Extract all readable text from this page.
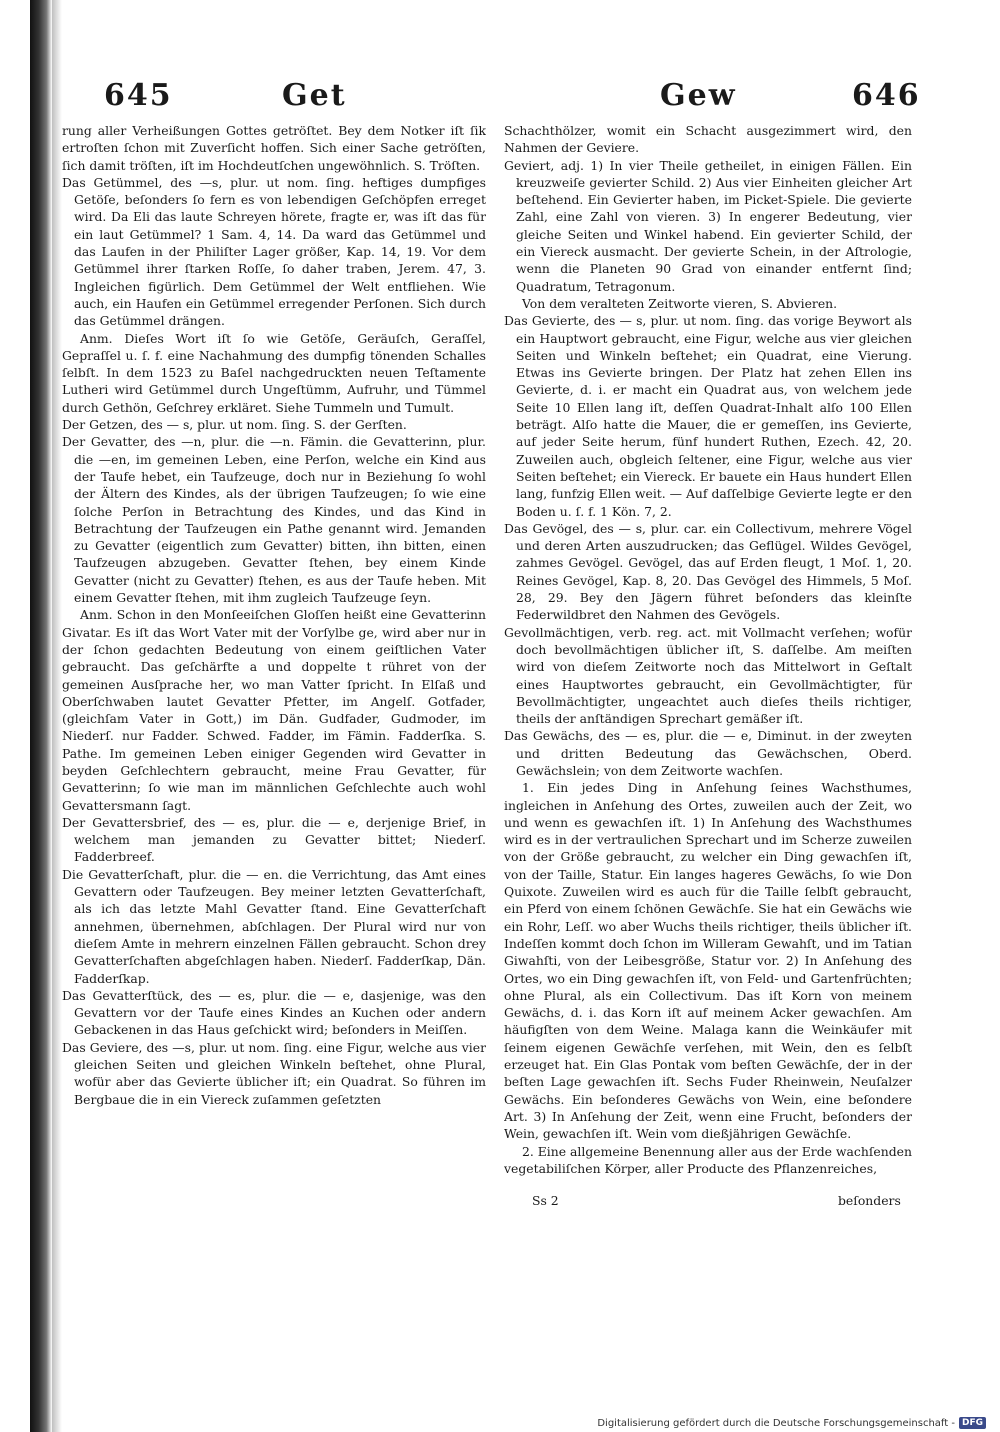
645	Get	Gew	646

rung aller Verheißungen Gottes getröſtet. Bey dem Notker iſt ſik ertroſten ſchon mit Zuverſicht hoffen. Sich einer Sache getröſten, ſich damit tröſten, iſt im Hochdeutſchen ungewöhnlich. S. Tröſten.

Das Getümmel, des —s, plur. ut nom. ſing. heftiges dumpfiges Getöſe, beſonders ſo fern es von lebendigen Geſchöpfen erreget wird. Da Eli das laute Schreyen hörete, fragte er, was iſt das für ein laut Getümmel? 1 Sam. 4, 14. Da ward das Getümmel und das Laufen in der Philiſter Lager größer, Kap. 14, 19. Vor dem Getümmel ihrer ſtarken Roſſe, ſo daher traben, Jerem. 47, 3. Ingleichen figürlich. Dem Getümmel der Welt entfliehen. Wie auch, ein Haufen ein Getümmel erregender Perſonen. Sich durch das Getümmel drängen.

Anm. Dieſes Wort iſt ſo wie Getöſe, Geräuſch, Geraſſel, Gepraſſel u. ſ. f. eine Nachahmung des dumpfig tönenden Schalles ſelbſt. In dem 1523 zu Baſel nachgedruckten neuen Teſtamente Lutheri wird Getümmel durch Ungeſtümm, Aufruhr, und Tümmel durch Gethön, Geſchrey erkläret. Siehe Tummeln und Tumult.

Der Getzen, des — s, plur. ut nom. ſing. S. der Gerſten.

Der Gevatter, des —n, plur. die —n. Fämin. die Gevatterinn, plur. die —en, im gemeinen Leben, eine Perſon, welche ein Kind aus der Taufe hebet, ein Taufzeuge, doch nur in Beziehung ſo wohl der Ältern des Kindes, als der übrigen Taufzeugen; ſo wie eine ſolche Perſon in Betrachtung des Kindes, und das Kind in Betrachtung der Taufzeugen ein Pathe genannt wird. Jemanden zu Gevatter (eigentlich zum Gevatter) bitten, ihn bitten, einen Taufzeugen abzugeben. Gevatter ſtehen, bey einem Kinde Gevatter (nicht zu Gevatter) ſtehen, es aus der Taufe heben. Mit einem Gevatter ſtehen, mit ihm zugleich Taufzeuge ſeyn.

Anm. Schon in den Monſeeiſchen Gloſſen heißt eine Gevatterinn Givatar. Es iſt das Wort Vater mit der Vorſylbe ge, wird aber nur in der ſchon gedachten Bedeutung von einem geiſtlichen Vater gebraucht. Das geſchärfte a und doppelte t rühret von der gemeinen Ausſprache her, wo man Vatter ſpricht. In Elſaß und Oberſchwaben lautet Gevatter Pfetter, im Angelſ. Gotfader, (gleichſam Vater in Gott,) im Dän. Gudfader, Gudmoder, im Niederſ. nur Fadder. Schwed. Fadder, im Fämin. Fadderſka. S. Pathe. Im gemeinen Leben einiger Gegenden wird Gevatter in beyden Geſchlechtern gebraucht, meine Frau Gevatter, für Gevatterinn; ſo wie man im männlichen Geſchlechte auch wohl Gevattersmann ſagt.

Der Gevattersbrief, des — es, plur. die — e, derjenige Brief, in welchem man jemanden zu Gevatter bittet; Niederſ. Fadderbreef.

Die Gevatterſchaft, plur. die — en. die Verrichtung, das Amt eines Gevattern oder Taufzeugen. Bey meiner letzten Gevatterſchaft, als ich das letzte Mahl Gevatter ſtand. Eine Gevatterſchaft annehmen, übernehmen, abſchlagen. Der Plural wird nur von dieſem Amte in mehrern einzelnen Fällen gebraucht. Schon drey Gevatterſchaften abgeſchlagen haben. Niederſ. Fadderſkap, Dän. Fadderſkap.

Das Gevatterſtück, des — es, plur. die — e, dasjenige, was den Gevattern vor der Taufe eines Kindes an Kuchen oder andern Gebackenen in das Haus geſchickt wird; beſonders in Meiſſen.

Das Geviere, des —s, plur. ut nom. ſing. eine Figur, welche aus vier gleichen Seiten und gleichen Winkeln beſtehet, ohne Plural, wofür aber das Gevierte üblicher iſt; ein Quadrat. So führen im Bergbaue die in ein Viereck zuſammen geſetzten

Schachthölzer, womit ein Schacht ausgezimmert wird, den Nahmen der Geviere.

Geviert, adj. 1) In vier Theile getheilet, in einigen Fällen. Ein kreuzweiſe gevierter Schild. 2) Aus vier Einheiten gleicher Art beſtehend. Ein Gevierter haben, im Picket-Spiele. Die gevierte Zahl, eine Zahl von vieren. 3) In engerer Bedeutung, vier gleiche Seiten und Winkel habend. Ein gevierter Schild, der ein Viereck ausmacht. Der gevierte Schein, in der Aſtrologie, wenn die Planeten 90 Grad von einander entfernt ſind; Quadratum, Tetragonum.

Von dem veralteten Zeitworte vieren, S. Abvieren.

Das Gevierte, des — s, plur. ut nom. ſing. das vorige Beywort als ein Hauptwort gebraucht, eine Figur, welche aus vier gleichen Seiten und Winkeln beſtehet; ein Quadrat, eine Vierung. Etwas ins Gevierte bringen. Der Platz hat zehen Ellen ins Gevierte, d. i. er macht ein Quadrat aus, von welchem jede Seite 10 Ellen lang iſt, deſſen Quadrat-Inhalt alſo 100 Ellen beträgt. Alſo hatte die Mauer, die er gemeſſen, ins Gevierte, auf jeder Seite herum, fünf hundert Ruthen, Ezech. 42, 20. Zuweilen auch, obgleich ſeltener, eine Figur, welche aus vier Seiten beſtehet; ein Viereck. Er bauete ein Haus hundert Ellen lang, funfzig Ellen weit. — Auf daſſelbige Gevierte legte er den Boden u. ſ. f. 1 Kön. 7, 2.

Das Gevögel, des — s, plur. car. ein Collectivum, mehrere Vögel und deren Arten auszudrucken; das Geflügel. Wildes Gevögel, zahmes Gevögel. Gevögel, das auf Erden fleugt, 1 Moſ. 1, 20. Reines Gevögel, Kap. 8, 20. Das Gevögel des Himmels, 5 Moſ. 28, 29. Bey den Jägern führet beſonders das kleinſte Federwildbret den Nahmen des Gevögels.

Gevollmächtigen, verb. reg. act. mit Vollmacht verſehen; wofür doch bevollmächtigen üblicher iſt, S. daſſelbe. Am meiſten wird von dieſem Zeitworte noch das Mittelwort in Geſtalt eines Hauptwortes gebraucht, ein Gevollmächtigter, für Bevollmächtigter, ungeachtet auch dieſes theils richtiger, theils der anſtändigen Sprechart gemäßer iſt.

Das Gewächs, des — es, plur. die — e, Diminut. in der zweyten und dritten Bedeutung das Gewächschen, Oberd. Gewächslein; von dem Zeitworte wachſen.

1. Ein jedes Ding in Anſehung ſeines Wachsthumes, ingleichen in Anſehung des Ortes, zuweilen auch der Zeit, wo und wenn es gewachſen iſt. 1) In Anſehung des Wachsthumes wird es in der vertraulichen Sprechart und im Scherze zuweilen von der Größe gebraucht, zu welcher ein Ding gewachſen iſt, von der Taille, Statur. Ein langes hageres Gewächs, ſo wie Don Quixote. Zuweilen wird es auch für die Taille ſelbſt gebraucht, ein Pferd von einem ſchönen Gewächſe. Sie hat ein Gewächs wie ein Rohr, Leſſ. wo aber Wuchs theils richtiger, theils üblicher iſt. Indeſſen kommt doch ſchon im Willeram Gewahſt, und im Tatian Giwahſti, von der Leibesgröße, Statur vor. 2) In Anſehung des Ortes, wo ein Ding gewachſen iſt, von Feld- und Gartenfrüchten; ohne Plural, als ein Collectivum. Das iſt Korn von meinem Gewächs, d. i. das Korn iſt auf meinem Acker gewachſen. Am häufigſten von dem Weine. Malaga kann die Weinkäufer mit ſeinem eigenen Gewächſe verſehen, mit Wein, den es ſelbſt erzeuget hat. Ein Glas Pontak vom beſten Gewächſe, der in der beſten Lage gewachſen iſt. Sechs Fuder Rheinwein, Neuſalzer Gewächs. Ein beſonderes Gewächs von Wein, eine beſondere Art. 3) In Anſehung der Zeit, wenn eine Frucht, beſonders der Wein, gewachſen iſt. Wein vom dießjährigen Gewächſe.

2. Eine allgemeine Benennung aller aus der Erde wachſenden vegetabiliſchen Körper, aller Producte des Pflanzenreiches,

Ss 2	beſonders
Digitalisierung gefördert durch die Deutsche Forschungsgemeinschaft - DFG
